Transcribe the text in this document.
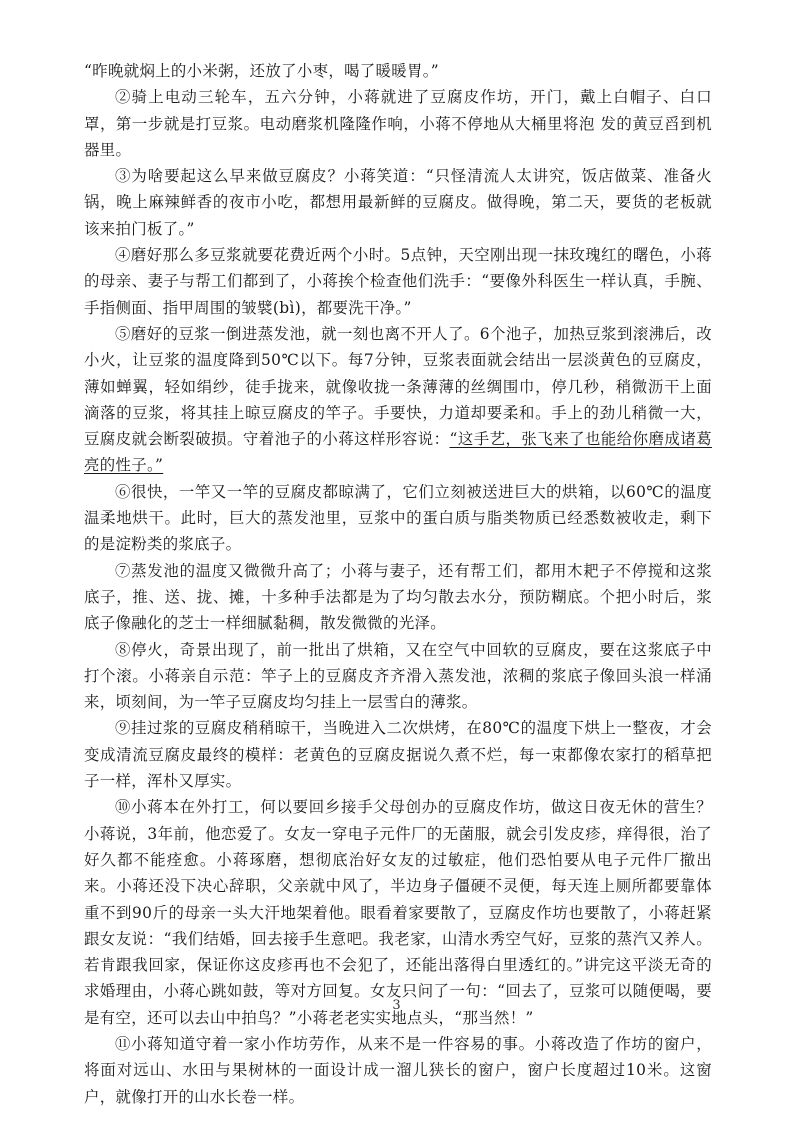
“昨晚就焖上的小米粥，还放了小枣，喝了暖暖胃。”

②骑上电动三轮车，五六分钟，小蒋就进了豆腐皮作坊，开门，戴上白帽子、白口罩，第一步就是打豆浆。电动磨浆机隆隆作响，小蒋不停地从大桶里将泡 发的黄豆舀到机器里。

③为啥要起这么早来做豆腐皮？小蒋笑道：“只怪清流人太讲究，饭店做菜、准备火锅，晚上麻辣鲜香的夜市小吃，都想用最新鲜的豆腐皮。做得晚，第二天，要货的老板就该来拍门板了。”

④磨好那么多豆浆就要花费近两个小时。5点钟，天空刚出现一抹玫瑰红的曙色，小蒋的母亲、妻子与帮工们都到了，小蒋挨个检查他们洗手：“要像外科医生一样认真，手腕、手指侧面、指甲周围的皱襞(bì)，都要洗干净。”

⑤磨好的豆浆一倒进蒸发池，就一刻也离不开人了。6个池子，加热豆浆到滚沸后，改小火，让豆浆的温度降到50℃以下。每7分钟，豆浆表面就会结出一层淡黄色的豆腐皮，薄如蝉翼，轻如绢纱，徒手拢来，就像收拢一条薄薄的丝绸围巾，停几秒，稍微沥干上面滴落的豆浆，将其挂上晾豆腐皮的竿子。手要快，力道却要柔和。手上的劲儿稍微一大，豆腐皮就会断裂破损。守着池子的小蒋这样形容说：“这手艺，张飞来了也能给你磨成诸葛亮的性子。”

⑥很快，一竿又一竿的豆腐皮都晾满了，它们立刻被送进巨大的烘箱，以60℃的温度温柔地烘干。此时，巨大的蒸发池里，豆浆中的蛋白质与脂类物质已经悉数被收走，剩下的是淀粉类的浆底子。

⑦蒸发池的温度又微微升高了；小蒋与妻子，还有帮工们，都用木耙子不停搅和这浆底子，推、送、拢、摊，十多种手法都是为了均匀散去水分，预防糊底。个把小时后，浆底子像融化的芝士一样细腻黏稠，散发微微的光泽。

⑧停火，奇景出现了，前一批出了烘箱，又在空气中回软的豆腐皮，要在这浆底子中打个滚。小蒋亲自示范：竿子上的豆腐皮齐齐滑入蒸发池，浓稠的浆底子像回头浪一样涌来，顷刻间，为一竿子豆腐皮均匀挂上一层雪白的薄浆。

⑨挂过浆的豆腐皮稍稍晾干，当晚进入二次烘烤，在80℃的温度下烘上一整夜，才会变成清流豆腐皮最终的模样：老黄色的豆腐皮据说久煮不烂，每一束都像农家打的稻草把子一样，浑朴又厚实。

⑩小蒋本在外打工，何以要回乡接手父母创办的豆腐皮作坊，做这日夜无休的营生？小蒋说，3年前，他恋爱了。女友一穿电子元件厂的无菌服，就会引发皮疹，痒得很，治了好久都不能痊愈。小蒋琢磨，想彻底治好女友的过敏症，他们恐怕要从电子元件厂撤出来。小蒋还没下决心辞职，父亲就中风了，半边身子僵硬不灵便，每天连上厕所都要靠体重不到90斤的母亲一头大汗地架着他。眼看着家要散了，豆腐皮作坊也要散了，小蒋赶紧跟女友说：“我们结婚，回去接手生意吧。我老家，山清水秀空气好，豆浆的蒸汽又养人。若肯跟我回家，保证你这皮疹再也不会犯了，还能出落得白里透红的。”讲完这平淡无奇的求婚理由，小蒋心跳如鼓，等对方回复。女友只问了一句：“回去了，豆浆可以随便喝，要是有空，还可以去山中拍鸟？”小蒋老老实实地点头，“那当然！”

⑪小蒋知道守着一家小作坊劳作，从来不是一件容易的事。小蒋改造了作坊的窗户，将面对远山、水田与果树林的一面设计成一溜儿狭长的窗户，窗户长度超过10米。这窗户，就像打开的山水长卷一样。

3
